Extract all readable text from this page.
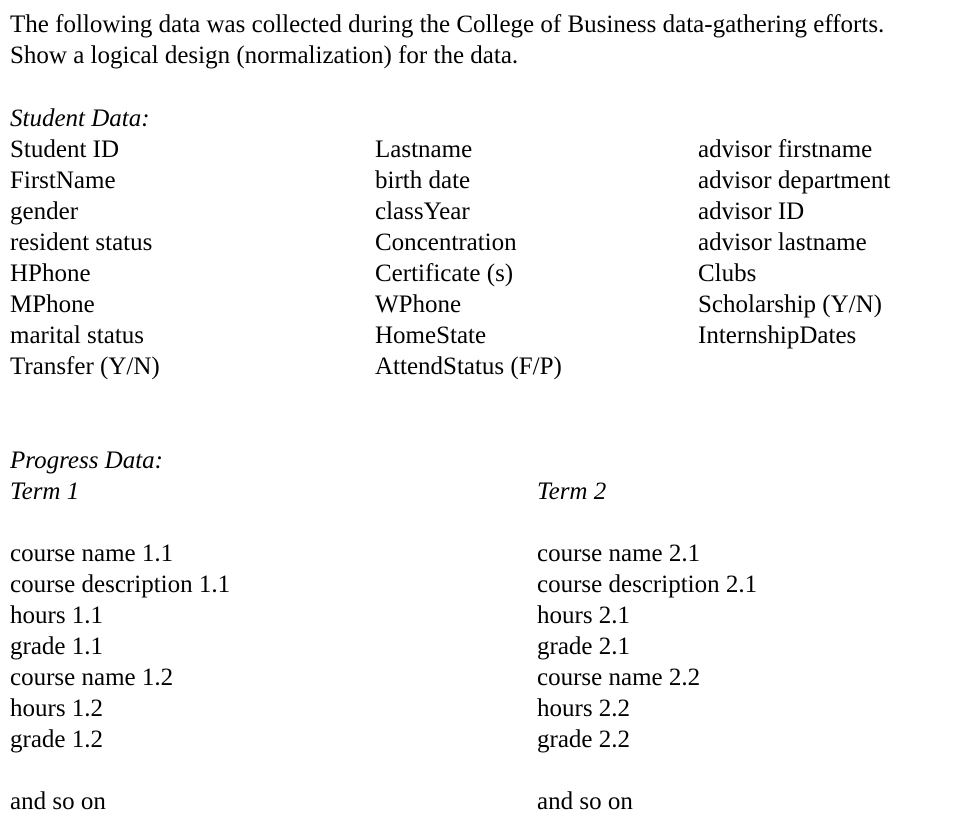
The following data was collected during the College of Business data-gathering efforts.
Show a logical design (normalization) for the data.
Student Data:
Student ID
FirstName
gender
resident status
HPhone
MPhone
marital status
Transfer (Y/N)
Lastname
birth date
classYear
Concentration
Certificate (s)
WPhone
HomeState
AttendStatus (F/P)
advisor firstname
advisor department
advisor ID
advisor lastname
Clubs
Scholarship (Y/N)
InternshipDates
Progress Data:
Term 1	Term 2
course name 1.1
course description 1.1
hours 1.1
grade 1.1
course name 1.2
hours 1.2
grade 1.2
course name 2.1
course description 2.1
hours 2.1
grade 2.1
course name 2.2
hours 2.2
grade 2.2
and so on	and so on
